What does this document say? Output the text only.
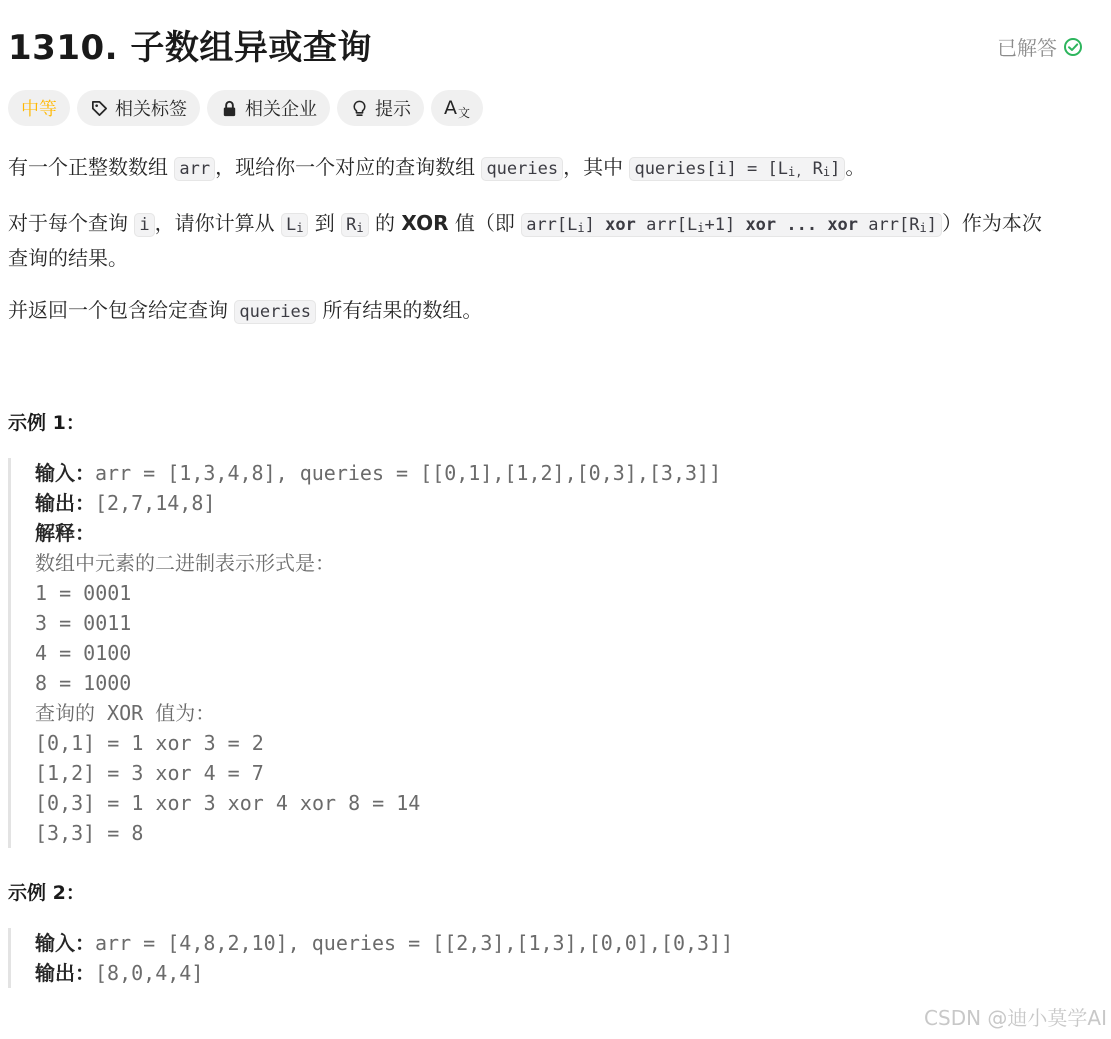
1310. 子数组异或查询	已解答
中等	相关标签	相关企业	提示 A 文
有一个正整数数组 arr ，现给你一个对应的查询数组 queries ，其中 queries[i] = [Li, Ri] 。
对于每个查询 i ，请你计算从 Li 到 Ri 的 XOR 值（即 arr[Li] xor arr[Li+1] xor ... xor arr[Ri] ）作为本次
查询的结果。
并返回一个包含给定查询 queries 所有结果的数组。
示例 1：
输入：arr = [1,3,4,8], queries = [[0,1],[1,2],[0,3],[3,3]]
输出：[2,7,14,8]
解释：
数组中元素的二进制表示形式是：
1 = 0001
3 = 0011
4 = 0100
8 = 1000
查询的 XOR 值为：
[0,1] = 1 xor 3 = 2
[1,2] = 3 xor 4 = 7
[0,3] = 1 xor 3 xor 4 xor 8 = 14
[3,3] = 8
示例 2：
输入：arr = [4,8,2,10], queries = [[2,3],[1,3],[0,0],[0,3]]
输出：[8,0,4,4]
CSDN @迪小莫学AI
